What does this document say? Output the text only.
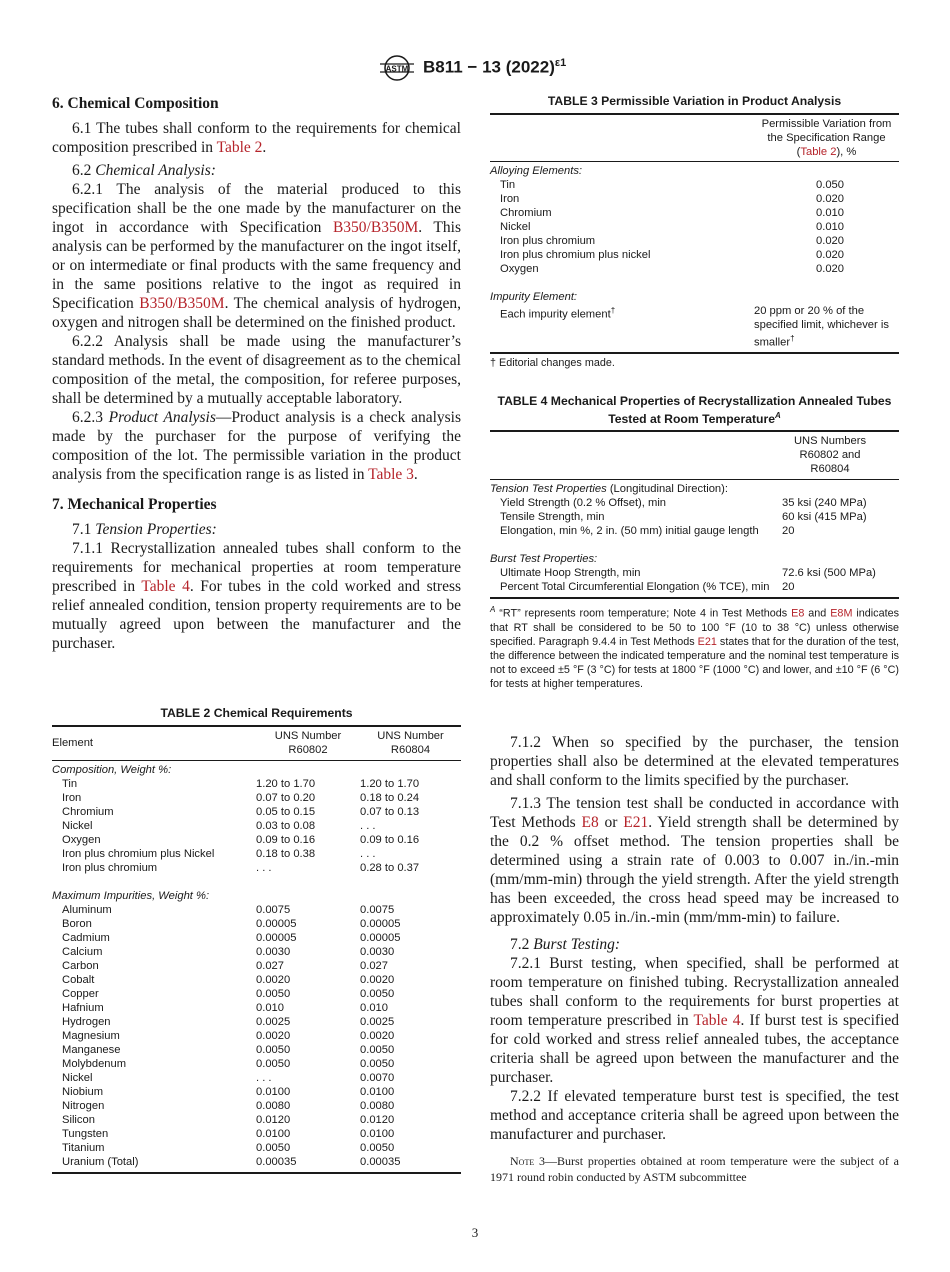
ASTM B811 − 13 $(2022)^{\varepsilon 1}$
6. Chemical Composition

6.1 The tubes shall conform to the requirements for chemical composition prescribed in Table 2.

6.2 Chemical Analysis:

6.2.1 The analysis of the material produced to this specification shall be the one made by the manufacturer on the ingot in accordance with Specification B350/B350M. This analysis can be performed by the manufacturer on the ingot itself, or on intermediate or final products with the same frequency and in the same positions relative to the ingot as required in Specification B350/B350M. The chemical analysis of hydrogen, oxygen and nitrogen shall be determined on the finished product.

6.2.2 Analysis shall be made using the manufacturer’s standard methods. In the event of disagreement as to the chemical composition of the metal, the composition, for referee purposes, shall be determined by a mutually acceptable laboratory.

6.2.3 Product Analysis—Product analysis is a check analysis made by the purchaser for the purpose of verifying the composition of the lot. The permissible variation in the product analysis from the specification range is as listed in Table 3.

7. Mechanical Properties

7.1 Tension Properties:

7.1.1 Recrystallization annealed tubes shall conform to the requirements for mechanical properties at room temperature prescribed in Table 4. For tubes in the cold worked and stress relief annealed condition, tension property requirements are to be mutually agreed upon between the manufacturer and the purchaser.

TABLE 2 Chemical Requirements
Element	UNS Number R60802	UNS Number R60804
Composition, Weight %:		
Tin	1.20 to 1.70	1.20 to 1.70
Iron	0.07 to 0.20	0.18 to 0.24
Chromium	0.05 to 0.15	0.07 to 0.13
Nickel	0.03 to 0.08	. . .
Oxygen	0.09 to 0.16	0.09 to 0.16
Iron plus chromium plus Nickel	0.18 to 0.38	. . .
Iron plus chromium	. . .	0.28 to 0.37

Maximum Impurities, Weight %:		
Aluminum	0.0075	0.0075
Boron	0.00005	0.00005
Cadmium	0.00005	0.00005
Calcium	0.0030	0.0030
Carbon	0.027	0.027
Cobalt	0.0020	0.0020
Copper	0.0050	0.0050
Hafnium	0.010	0.010
Hydrogen	0.0025	0.0025
Magnesium	0.0020	0.0020
Manganese	0.0050	0.0050
Molybdenum	0.0050	0.0050
Nickel	. . .	0.0070
Niobium	0.0100	0.0100
Nitrogen	0.0080	0.0080
Silicon	0.0120	0.0120
Tungsten	0.0100	0.0100
Titanium	0.0050	0.0050
Uranium (Total)	0.00035	0.00035
TABLE 3 Permissible Variation in Product Analysis
	Permissible Variation from the Specification Range (Table 2), %
Alloying Elements:	
Tin	0.050
Iron	0.020
Chromium	0.010
Nickel	0.010
Iron plus chromium	0.020
Iron plus chromium plus nickel	0.020
Oxygen	0.020
Impurity Element:
Each impurity element†	20 ppm or 20 % of the specified limit, whichever is smaller†
† Editorial changes made.
TABLE 4 Mechanical Properties of Recrystallization Annealed Tubes Tested at Room Temperature$^A$
	UNS Numbers R60802 and R60804	
Tension Test Properties (Longitudinal Direction):	
Yield Strength (0.2 % Offset), min	35 ksi (240 MPa)
Tensile Strength, min	60 ksi (415 MPa)
Elongation, min %, 2 in. (50 mm) initial gauge length	20

Burst Test Properties:	
Ultimate Hoop Strength, min	72.6 ksi (500 MPa)
Percent Total Circumferential Elongation (% TCE), min	20
$^A$ “RT” represents room temperature; Note 4 in Test Methods E8 and E8M indicates that RT shall be considered to be 50 to 100 °F (10 to 38 °C) unless otherwise specified. Paragraph 9.4.4 in Test Methods E21 states that for the duration of the test, the difference between the indicated temperature and the nominal test temperature is not to exceed ±5 °F (3 °C) for tests at 1800 °F (1000 °C) and lower, and ±10 °F (6 °C) for tests at higher temperatures.

7.1.2 When so specified by the purchaser, the tension properties shall also be determined at the elevated temperatures and shall conform to the limits specified by the purchaser.

7.1.3 The tension test shall be conducted in accordance with Test Methods E8 or E21. Yield strength shall be determined by the 0.2 % offset method. The tension properties shall be determined using a strain rate of 0.003 to 0.007 in./in.-min (mm/mm-min) through the yield strength. After the yield strength has been exceeded, the cross head speed may be increased to approximately 0.05 in./in.-min (mm/mm-min) to failure.

7.2 Burst Testing:

7.2.1 Burst testing, when specified, shall be performed at room temperature on finished tubing. Recrystallization annealed tubes shall conform to the requirements for burst properties at room temperature prescribed in Table 4. If burst test is specified for cold worked and stress relief annealed tubes, the acceptance criteria shall be agreed upon between the manufacturer and the purchaser.

7.2.2 If elevated temperature burst test is specified, the test method and acceptance criteria shall be agreed upon between the manufacturer and purchaser.

Note 3—Burst properties obtained at room temperature were the subject of a 1971 round robin conducted by ASTM subcommittee

3
